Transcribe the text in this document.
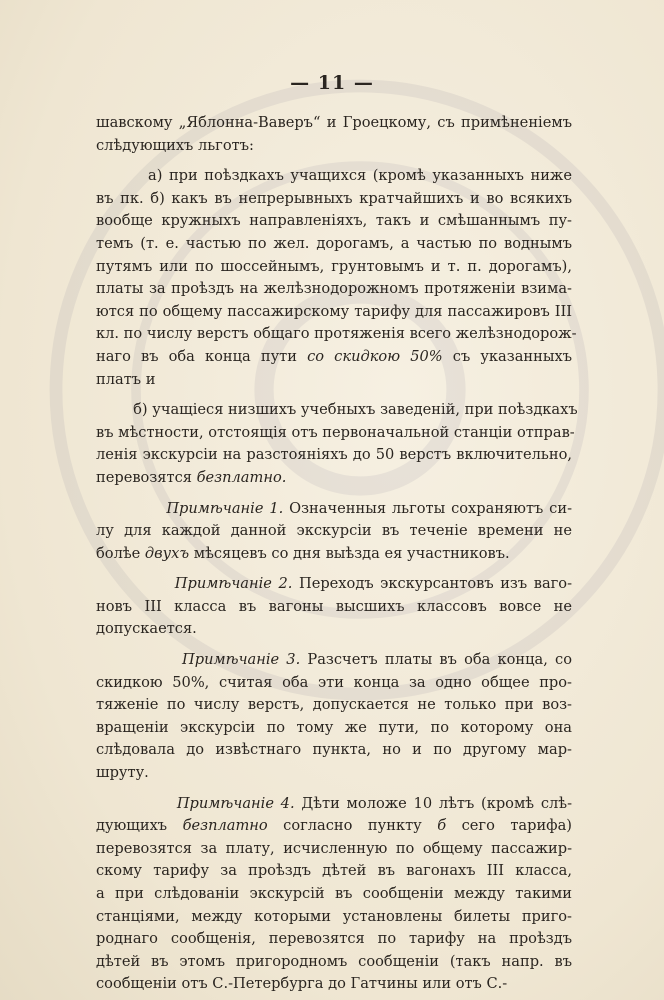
— 11 —
шавскому „Яблонна-Ваверъ“ и Гроецкому, съ примѣненіемъ
слѣдующихъ льготъ:
а) при поѣздкахъ учащихся (кромѣ указанныхъ ниже
въ пк. б) какъ въ непрерывныхъ кратчайшихъ и во всякихъ
вообще кружныхъ направленіяхъ, такъ и смѣшаннымъ пу-
темъ (т. е. частью по жел. дорогамъ, а частью по воднымъ
путямъ или по шоссейнымъ, грунтовымъ и т. п. дорогамъ),
платы за проѣздъ на желѣзнодорожномъ протяженіи взима-
ются по общему пассажирскому тарифу для пассажировъ III
кл. по числу верстъ общаго протяженія всего желѣзнодорож-
наго въ оба конца пути со скидкою 50% съ указанныхъ
платъ и
б) учащіеся низшихъ учебныхъ заведеній, при поѣздкахъ
въ мѣстности, отстоящія отъ первоначальной станціи отправ-
ленія экскурсіи на разстояніяхъ до 50 верстъ включительно,
перевозятся безплатно.
Примѣчаніе 1. Означенныя льготы сохраняютъ си-
лу для каждой данной экскурсіи въ теченіе времени не
болѣе двухъ мѣсяцевъ со дня выѣзда ея участниковъ.
Примѣчаніе 2. Переходъ экскурсантовъ изъ ваго-
новъ III класса въ вагоны высшихъ классовъ вовсе не
допускается.
Примѣчаніе 3. Разсчетъ платы въ оба конца, со
скидкою 50%, считая оба эти конца за одно общее про-
тяженіе по числу верстъ, допускается не только при воз-
вращеніи экскурсіи по тому же пути, по которому она
слѣдовала до извѣстнаго пункта, но и по другому мар-
шруту.
Примѣчаніе 4. Дѣти моложе 10 лѣтъ (кромѣ слѣ-
дующихъ безплатно согласно пункту б сего тарифа)
перевозятся за плату, исчисленную по общему пассажир-
скому тарифу за проѣздъ дѣтей въ вагонахъ III класса,
а при слѣдованіи экскурсій въ сообщеніи между такими
станціями, между которыми установлены билеты приго-
роднаго сообщенія, перевозятся по тарифу на проѣздъ
дѣтей въ этомъ пригородномъ сообщеніи (такъ напр. въ
сообщеніи отъ С.-Петербурга до Гатчины или отъ С.-
